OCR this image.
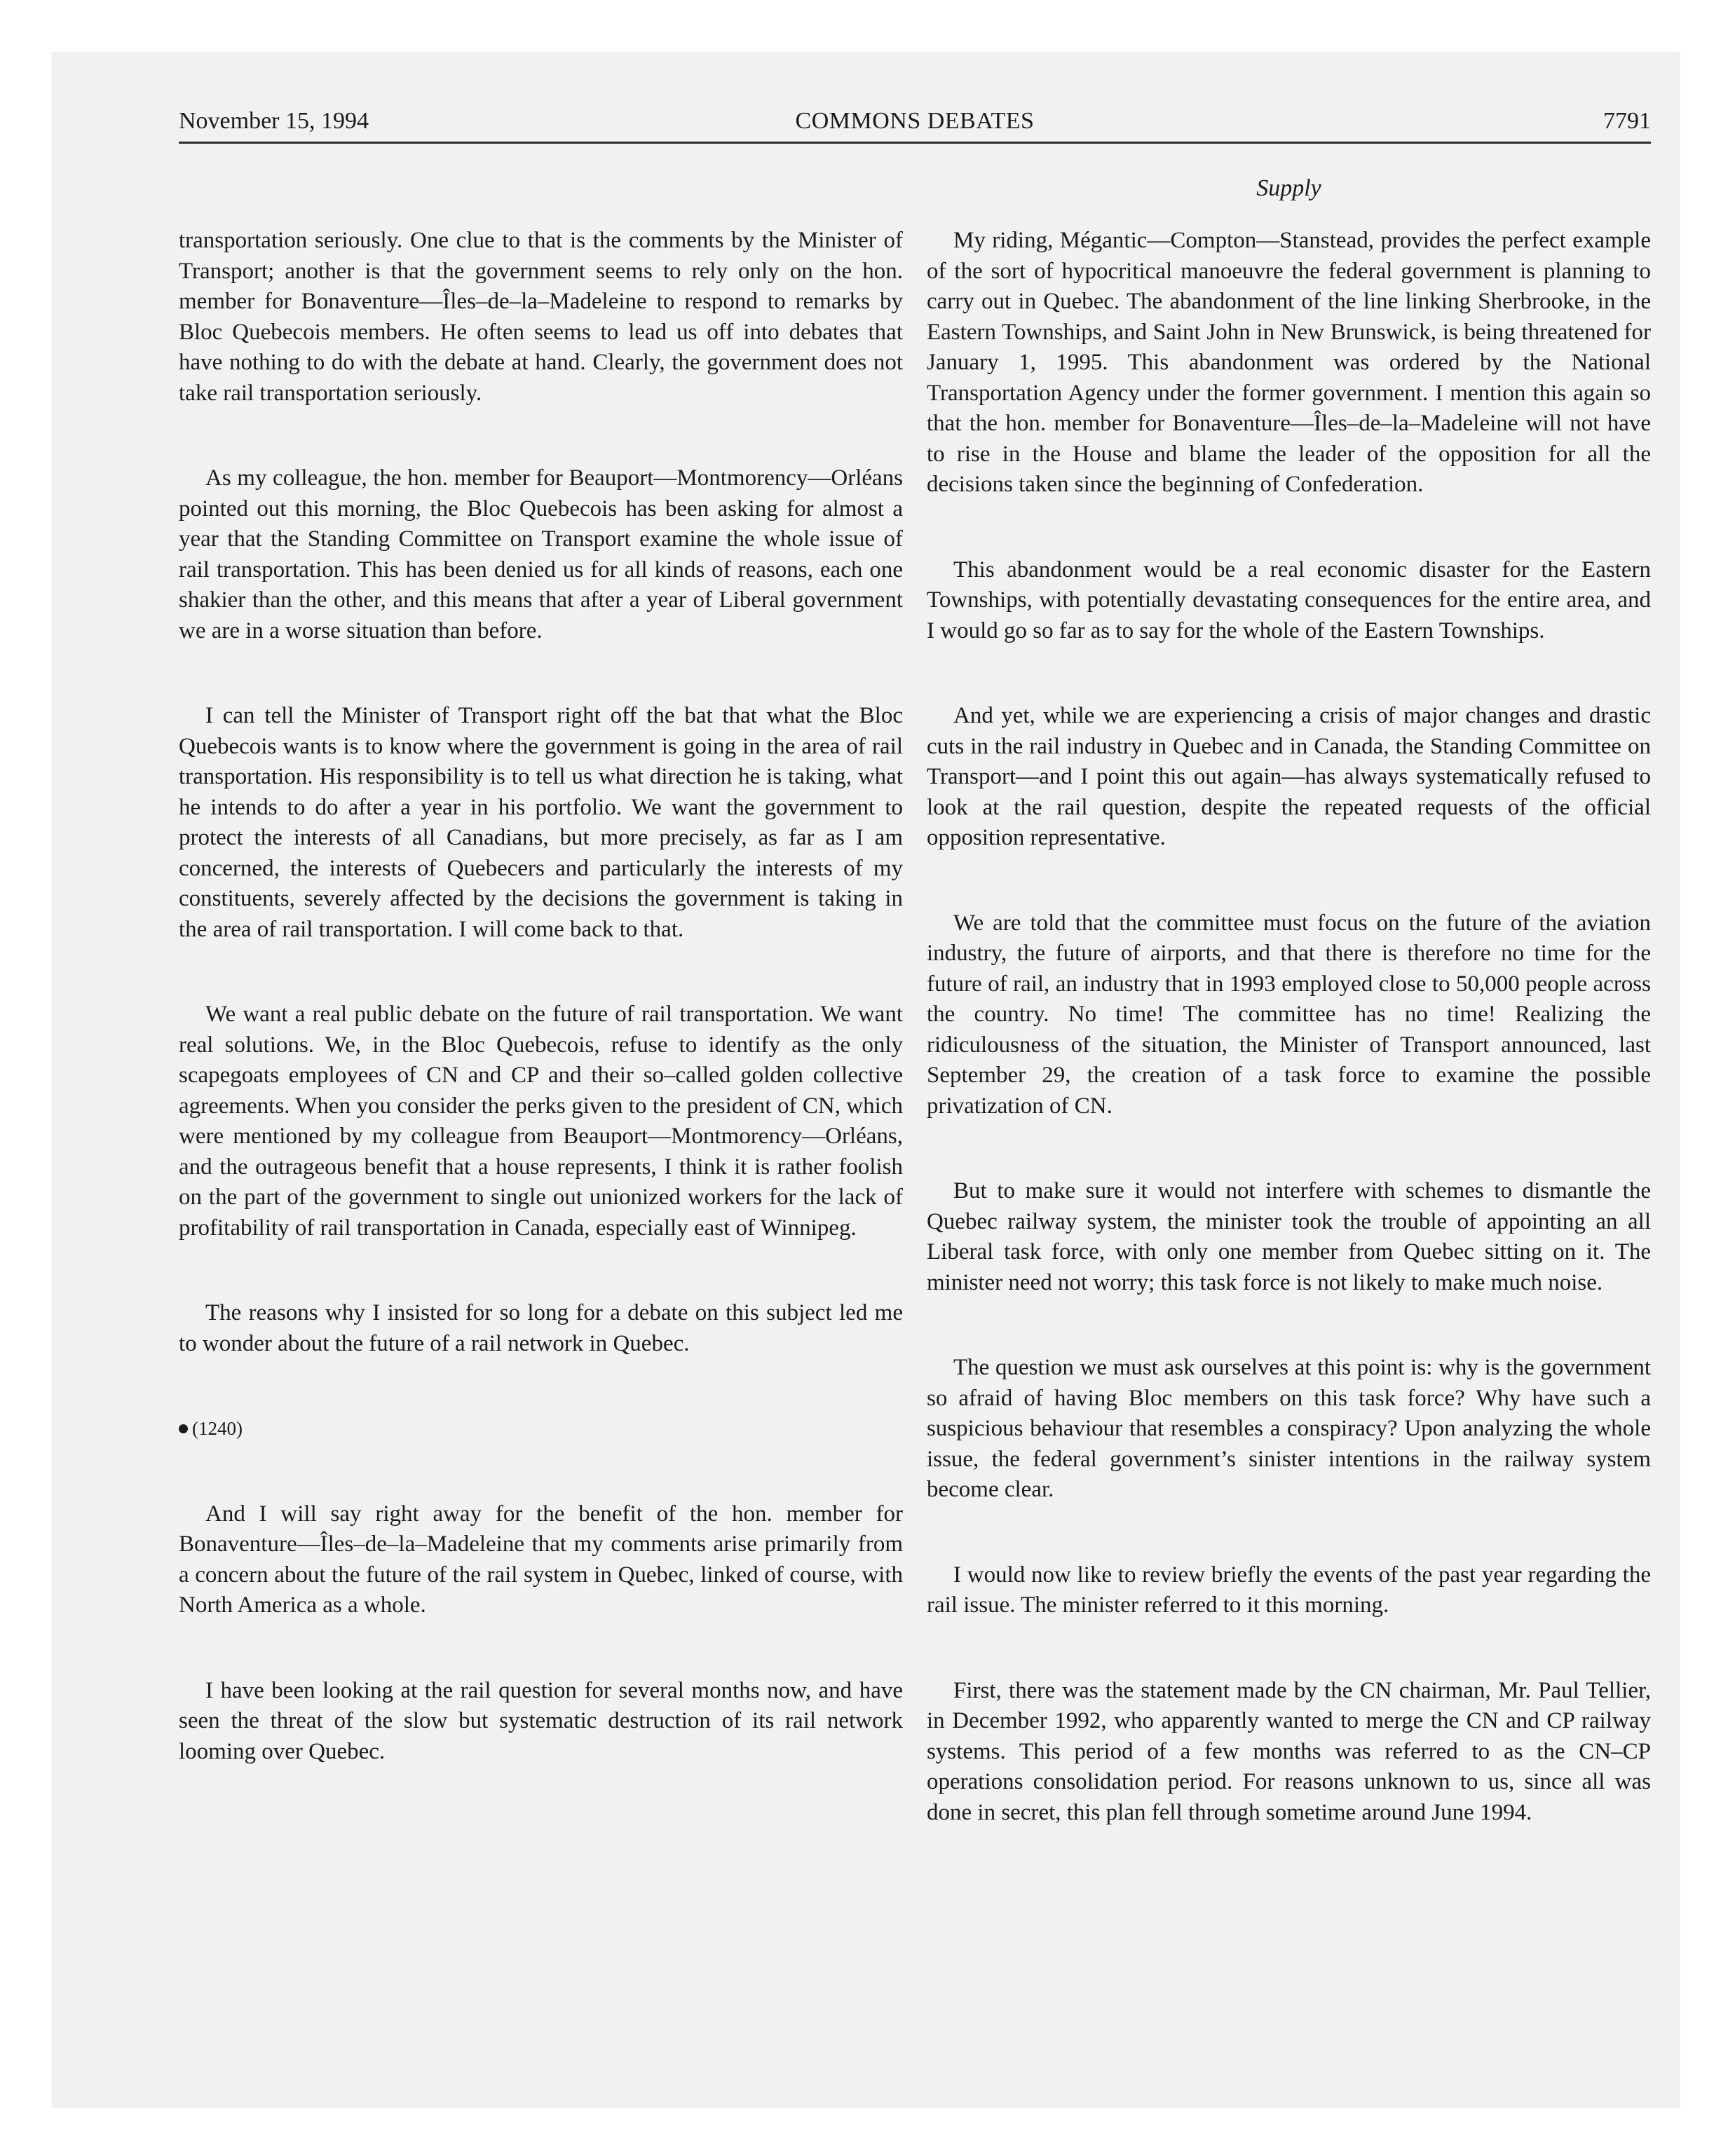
November 15, 1994	COMMONS DEBATES	7791
Supply

transportation seriously. One clue to that is the comments by the Minister of Transport; another is that the government seems to rely only on the hon. member for Bonaventure—Îles–de–la–Madeleine to respond to remarks by Bloc Quebecois members. He often seems to lead us off into debates that have nothing to do with the debate at hand. Clearly, the government does not take rail transportation seriously.

As my colleague, the hon. member for Beauport—Montmorency—Orléans pointed out this morning, the Bloc Quebecois has been asking for almost a year that the Standing Committee on Transport examine the whole issue of rail transportation. This has been denied us for all kinds of reasons, each one shakier than the other, and this means that after a year of Liberal government we are in a worse situation than before.

I can tell the Minister of Transport right off the bat that what the Bloc Quebecois wants is to know where the government is going in the area of rail transportation. His responsibility is to tell us what direction he is taking, what he intends to do after a year in his portfolio. We want the government to protect the interests of all Canadians, but more precisely, as far as I am concerned, the interests of Quebecers and particularly the interests of my constituents, severely affected by the decisions the government is taking in the area of rail transportation. I will come back to that.

We want a real public debate on the future of rail transportation. We want real solutions. We, in the Bloc Quebecois, refuse to identify as the only scapegoats employees of CN and CP and their so–called golden collective agreements. When you consider the perks given to the president of CN, which were mentioned by my colleague from Beauport—Montmorency—Orléans, and the outrageous benefit that a house represents, I think it is rather foolish on the part of the government to single out unionized workers for the lack of profitability of rail transportation in Canada, especially east of Winnipeg.

The reasons why I insisted for so long for a debate on this subject led me to wonder about the future of a rail network in Quebec.

(1240)

And I will say right away for the benefit of the hon. member for Bonaventure—Îles–de–la–Madeleine that my comments arise primarily from a concern about the future of the rail system in Quebec, linked of course, with North America as a whole.

I have been looking at the rail question for several months now, and have seen the threat of the slow but systematic destruction of its rail network looming over Quebec.

My riding, Mégantic—Compton—Stanstead, provides the perfect example of the sort of hypocritical manoeuvre the federal government is planning to carry out in Quebec. The abandonment of the line linking Sherbrooke, in the Eastern Townships, and Saint John in New Brunswick, is being threatened for January 1, 1995. This abandonment was ordered by the National Transportation Agency under the former government. I mention this again so that the hon. member for Bonaventure—Îles–de–la–Madeleine will not have to rise in the House and blame the leader of the opposition for all the decisions taken since the beginning of Confederation.

This abandonment would be a real economic disaster for the Eastern Townships, with potentially devastating consequences for the entire area, and I would go so far as to say for the whole of the Eastern Townships.

And yet, while we are experiencing a crisis of major changes and drastic cuts in the rail industry in Quebec and in Canada, the Standing Committee on Transport—and I point this out again—has always systematically refused to look at the rail question, despite the repeated requests of the official opposition representative.

We are told that the committee must focus on the future of the aviation industry, the future of airports, and that there is therefore no time for the future of rail, an industry that in 1993 employed close to 50,000 people across the country. No time! The committee has no time! Realizing the ridiculousness of the situation, the Minister of Transport announced, last September 29, the creation of a task force to examine the possible privatization of CN.

But to make sure it would not interfere with schemes to dismantle the Quebec railway system, the minister took the trouble of appointing an all Liberal task force, with only one member from Quebec sitting on it. The minister need not worry; this task force is not likely to make much noise.

The question we must ask ourselves at this point is: why is the government so afraid of having Bloc members on this task force? Why have such a suspicious behaviour that resembles a conspiracy? Upon analyzing the whole issue, the federal government’s sinister intentions in the railway system become clear.

I would now like to review briefly the events of the past year regarding the rail issue. The minister referred to it this morning.

First, there was the statement made by the CN chairman, Mr. Paul Tellier, in December 1992, who apparently wanted to merge the CN and CP railway systems. This period of a few months was referred to as the CN–CP operations consolidation period. For reasons unknown to us, since all was done in secret, this plan fell through sometime around June 1994.
